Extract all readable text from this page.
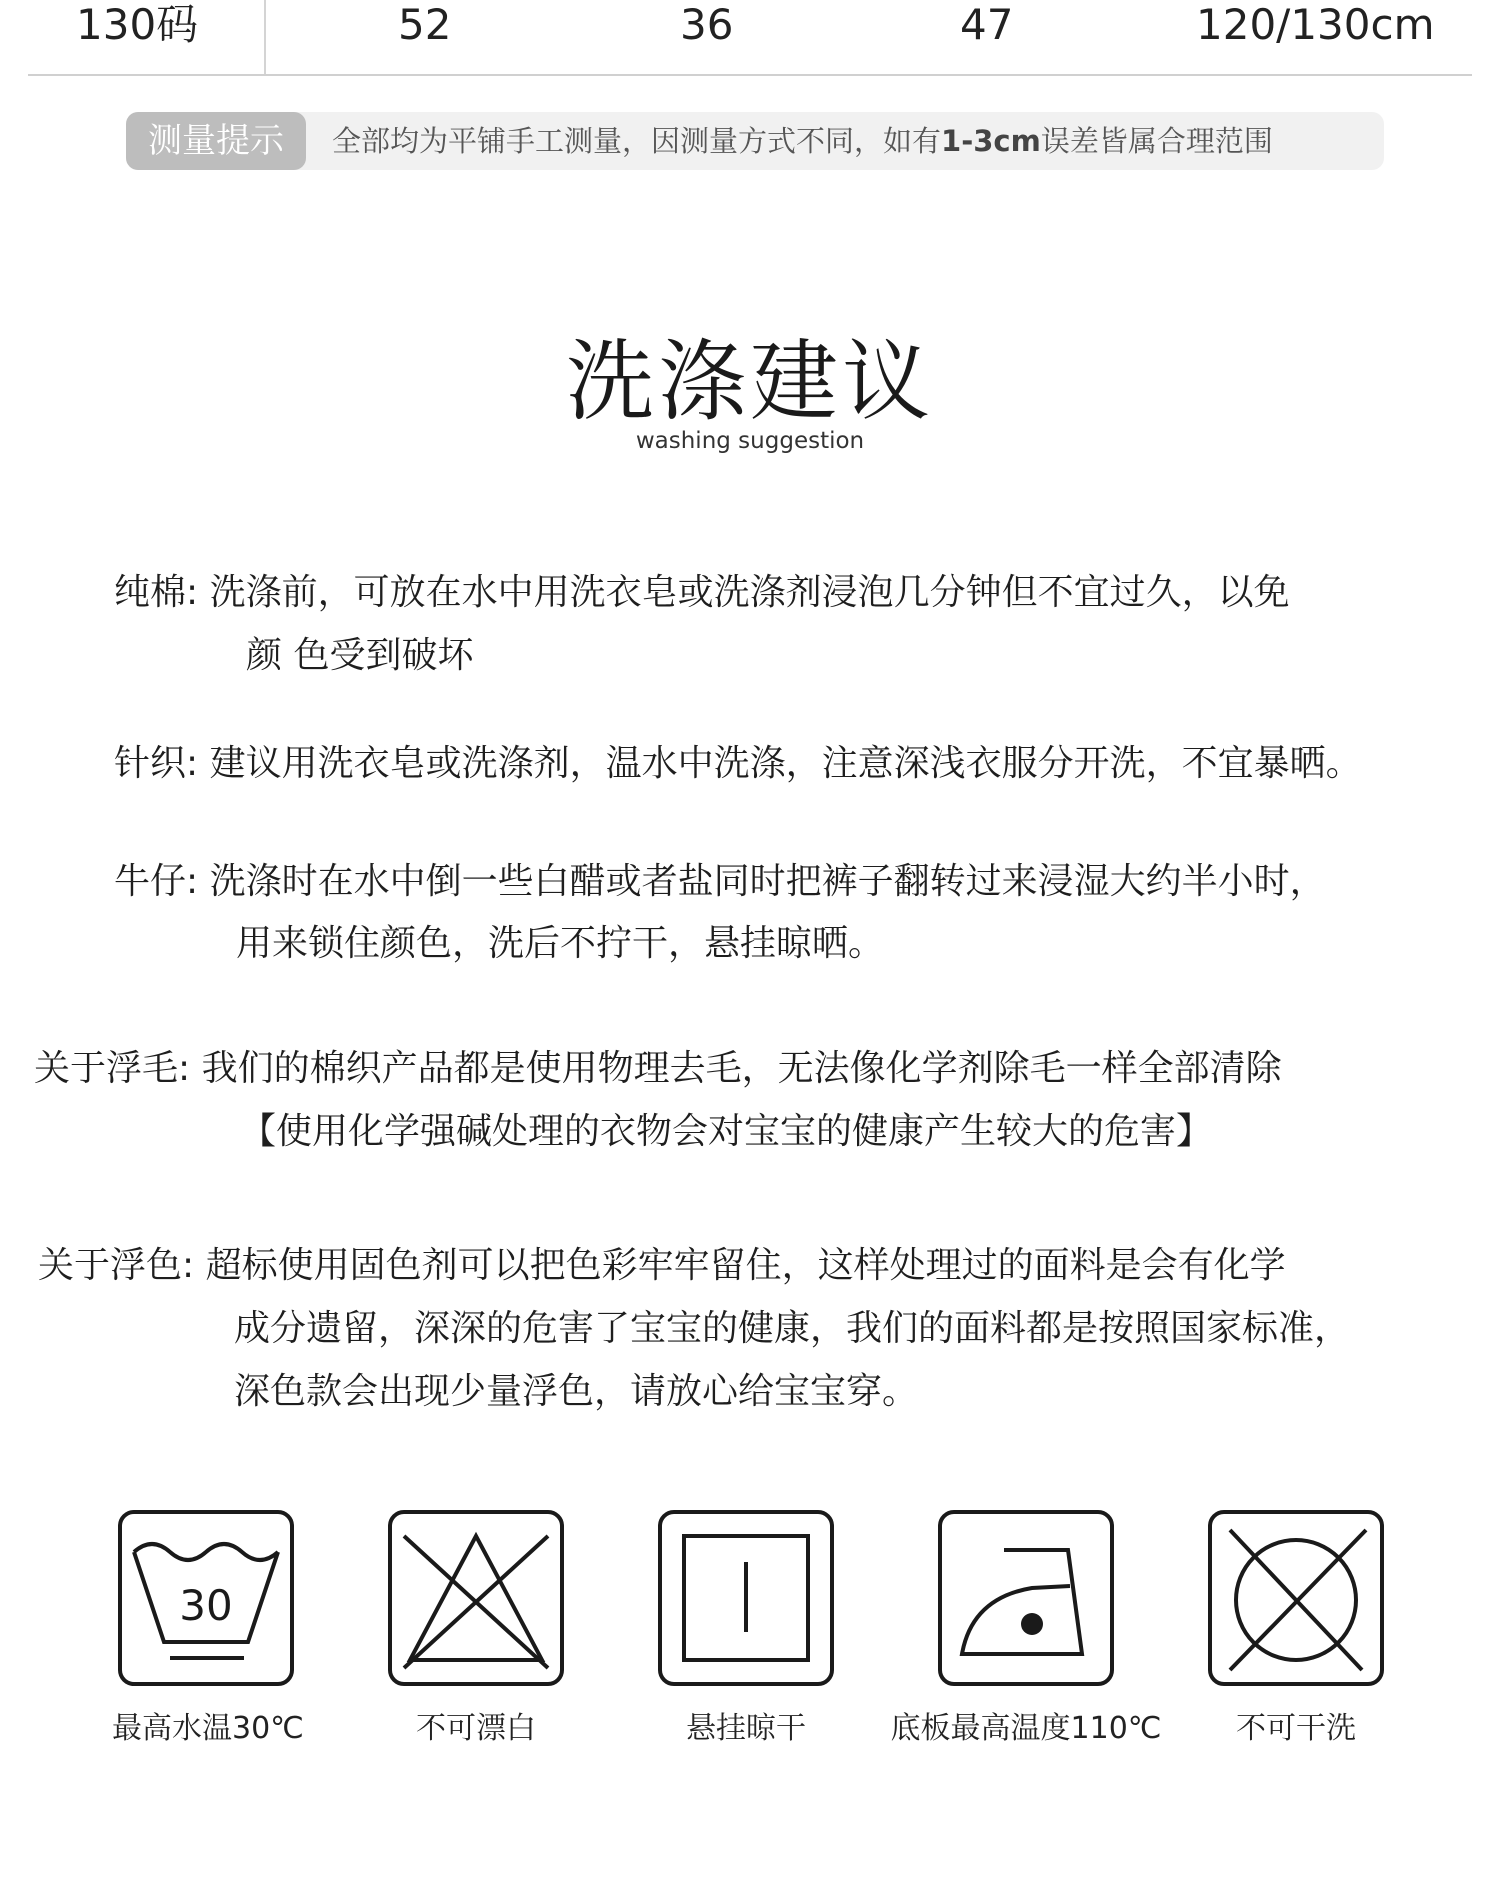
130码	52	36	47	120/130cm
测量提示	全部均为平铺手工测量，因测量方式不同，如有1-3cm误差皆属合理范围
洗涤建议
washing suggestion
纯棉: 洗涤前，可放在水中用洗衣皂或洗涤剂浸泡几分钟但不宜过久，以免
颜 色受到破坏
针织: 建议用洗衣皂或洗涤剂，温水中洗涤，注意深浅衣服分开洗，不宜暴晒。
牛仔: 洗涤时在水中倒一些白醋或者盐同时把裤子翻转过来浸湿大约半小时，
用来锁住颜色，洗后不拧干，悬挂晾晒。
关于浮毛: 我们的棉织产品都是使用物理去毛，无法像化学剂除毛一样全部清除
【使用化学强碱处理的衣物会对宝宝的健康产生较大的危害】
关于浮色: 超标使用固色剂可以把色彩牢牢留住，这样处理过的面料是会有化学
成分遗留，深深的危害了宝宝的健康，我们的面料都是按照国家标准，
深色款会出现少量浮色，请放心给宝宝穿。
30
最高水温30℃	不可漂白	悬挂晾干	底板最高温度110℃	不可干洗
